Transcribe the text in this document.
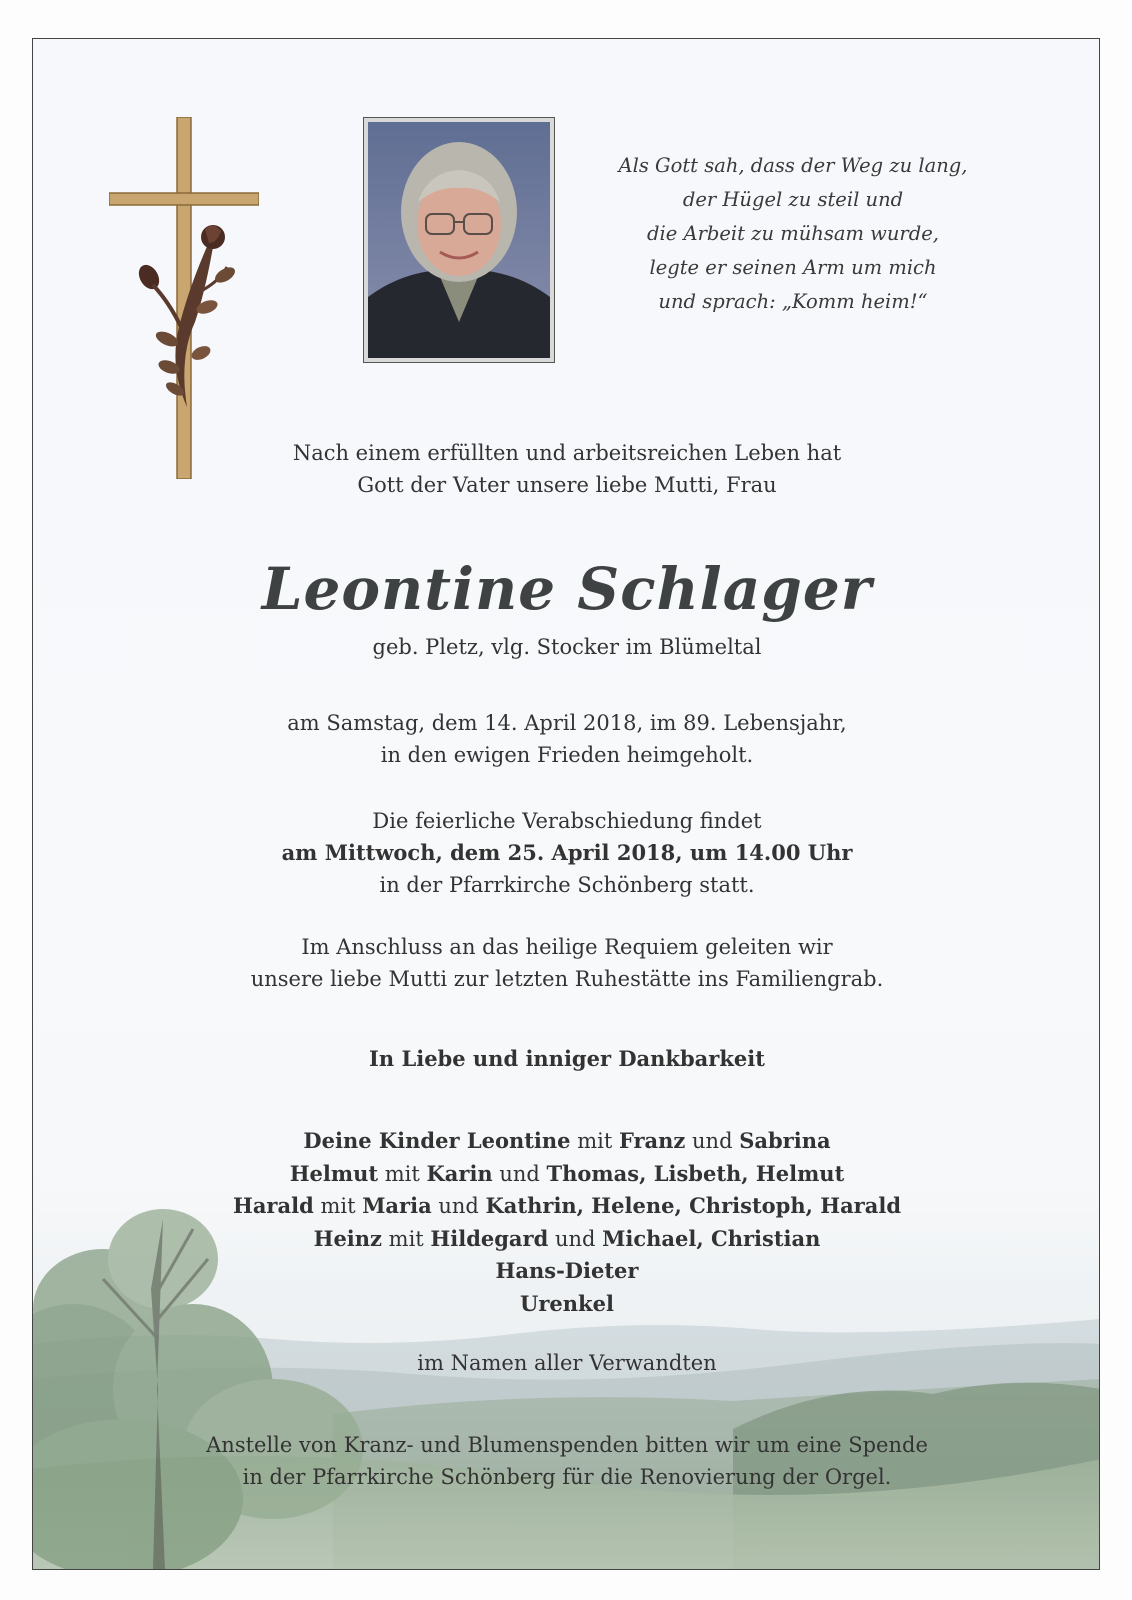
Als Gott sah, dass der Weg zu lang,

der Hügel zu steil und

die Arbeit zu mühsam wurde,

legte er seinen Arm um mich

und sprach: „Komm heim!“

Nach einem erfüllten und arbeitsreichen Leben hat
Gott der Vater unsere liebe Mutti, Frau
Leontine Schlager
geb. Pletz, vlg. Stocker im Blümeltal
am Samstag, dem 14. April 2018, im 89. Lebensjahr,
in den ewigen Frieden heimgeholt.
Die feierliche Verabschiedung findet
am Mittwoch, dem 25. April 2018, um 14.00 Uhr
in der Pfarrkirche Schönberg statt.
Im Anschluss an das heilige Requiem geleiten wir
unsere liebe Mutti zur letzten Ruhestätte ins Familiengrab.
In Liebe und inniger Dankbarkeit
Deine Kinder Leontine mit Franz und Sabrina
Helmut mit Karin und Thomas, Lisbeth, Helmut
Harald mit Maria und Kathrin, Helene, Christoph, Harald
Heinz mit Hildegard und Michael, Christian
Hans-Dieter
Urenkel
im Namen aller Verwandten
Anstelle von Kranz- und Blumenspenden bitten wir um eine Spende
in der Pfarrkirche Schönberg für die Renovierung der Orgel.
